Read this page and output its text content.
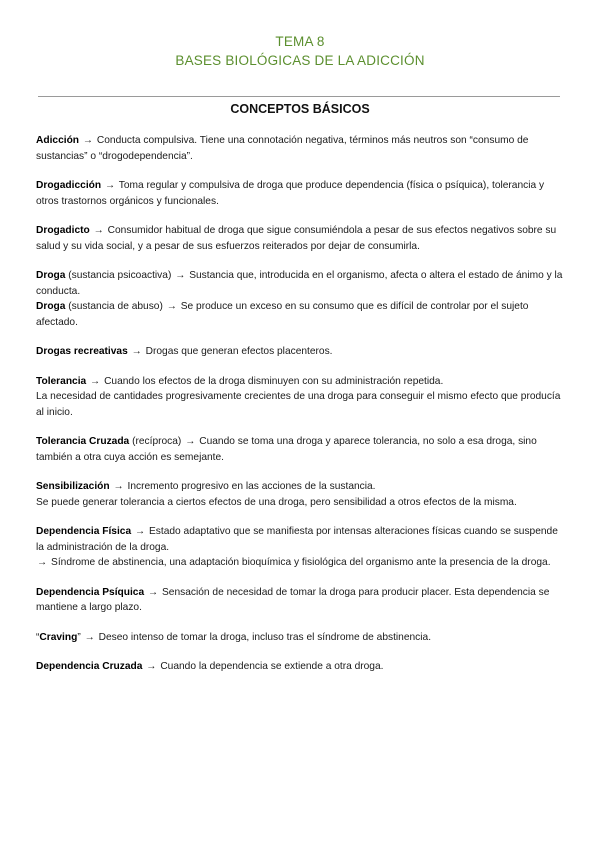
TEMA 8
BASES BIOLÓGICAS DE LA ADICCIÓN
CONCEPTOS BÁSICOS

Adicción → Conducta compulsiva. Tiene una connotación negativa, términos más neutros son “consumo de sustancias” o “drogodependencia”.

Drogadicción → Toma regular y compulsiva de droga que produce dependencia (física o psíquica), tolerancia y otros trastornos orgánicos y funcionales.

Drogadicto → Consumidor habitual de droga que sigue consumiéndola a pesar de sus efectos negativos sobre su salud y su vida social, y a pesar de sus esfuerzos reiterados por dejar de consumirla.

Droga (sustancia psicoactiva) → Sustancia que, introducida en el organismo, afecta o altera el estado de ánimo y la conducta.

Droga (sustancia de abuso) → Se produce un exceso en su consumo que es difícil de controlar por el sujeto afectado.

Drogas recreativas → Drogas que generan efectos placenteros.

Tolerancia → Cuando los efectos de la droga disminuyen con su administración repetida.

La necesidad de cantidades progresivamente crecientes de una droga para conseguir el mismo efecto que producía al inicio.

Tolerancia Cruzada (recíproca) → Cuando se toma una droga y aparece tolerancia, no solo a esa droga, sino también a otra cuya acción es semejante.

Sensibilización → Incremento progresivo en las acciones de la sustancia.

Se puede generar tolerancia a ciertos efectos de una droga, pero sensibilidad a otros efectos de la misma.

Dependencia Física → Estado adaptativo que se manifiesta por intensas alteraciones físicas cuando se suspende la administración de la droga.

→ Síndrome de abstinencia, una adaptación bioquímica y fisiológica del organismo ante la presencia de la droga.

Dependencia Psíquica → Sensación de necesidad de tomar la droga para producir placer. Esta dependencia se mantiene a largo plazo.

“Craving” → Deseo intenso de tomar la droga, incluso tras el síndrome de abstinencia.

Dependencia Cruzada → Cuando la dependencia se extiende a otra droga.
